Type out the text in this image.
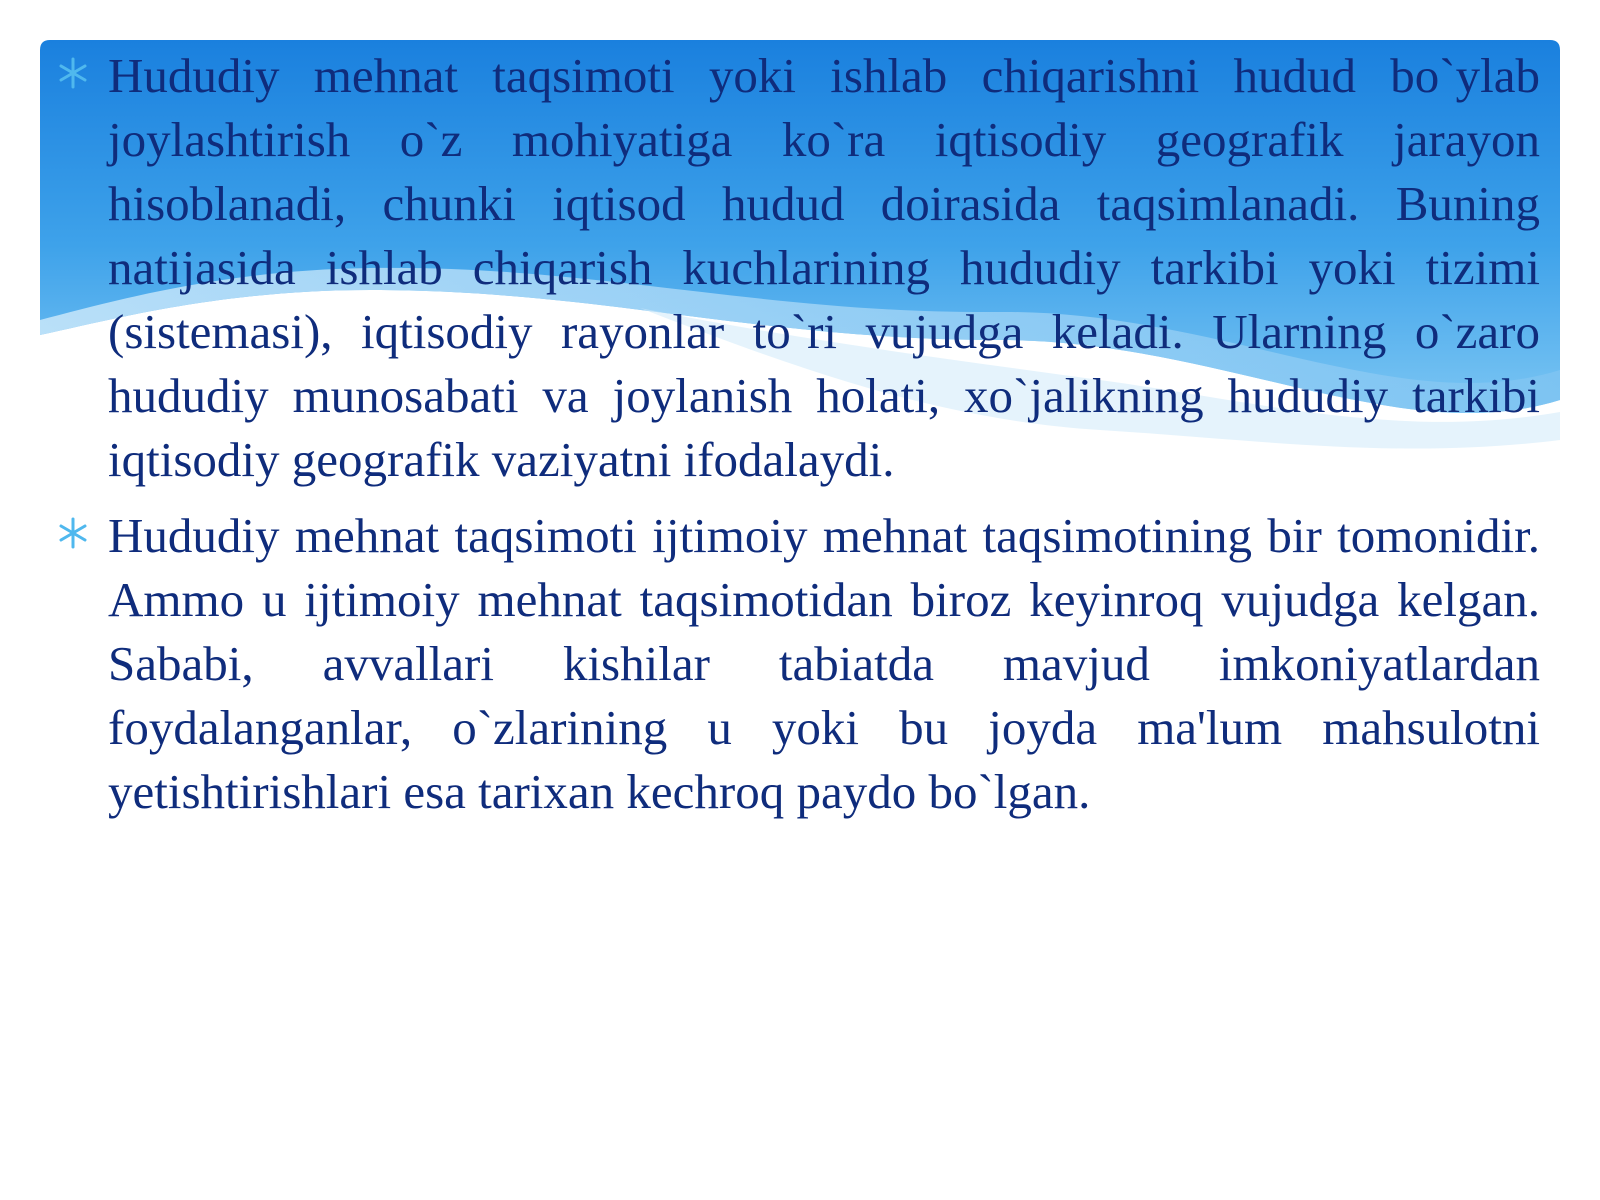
Hududiy mehnat taqsimoti yoki ishlab chiqarishni hudud bo`ylab joylashtirish o`z mohiyatiga ko`ra iqtisodiy geografik jarayon hisoblanadi, chunki iqtisod hudud doirasida taqsimlanadi. Buning natijasida ishlab chiqarish kuchlarining hududiy tarkibi yoki tizimi (sistemasi), iqtisodiy rayonlar to`ri vujudga keladi. Ularning o`zaro hududiy munosabati va joylanish holati, xo`jalikning hududiy tarkibi iqtisodiy geografik vaziyatni ifodalaydi.
Hududiy mehnat taqsimoti ijtimoiy mehnat taqsimotining bir tomonidir. Ammo u ijtimoiy mehnat taqsimotidan biroz keyinroq vujudga kelgan. Sababi, avvallari kishilar tabiatda mavjud imkoniyatlardan foydalanganlar, o`zlarining u yoki bu joyda ma'lum mahsulotni yetishtirishlari esa tarixan kechroq paydo bo`lgan.
